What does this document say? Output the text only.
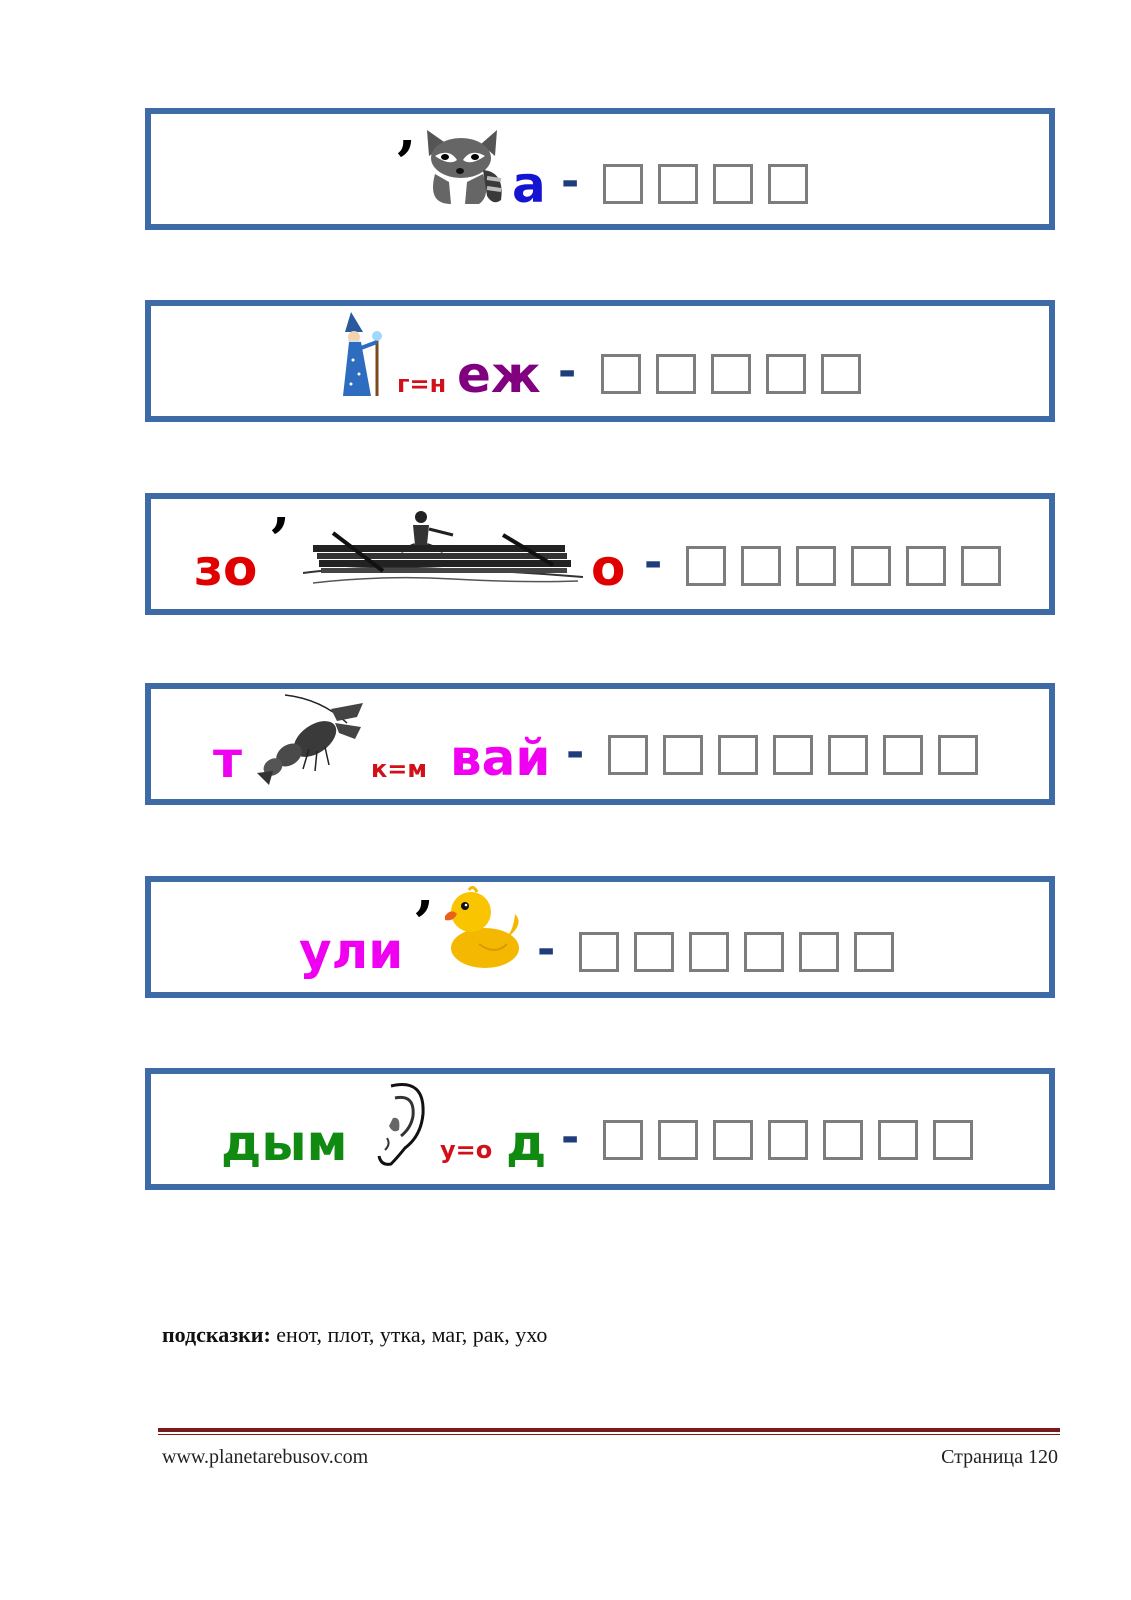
’ а -
г=н еж -
зо ’	о -
т	к=м вай -
ули ’ -
дым	у=о д -
подсказки: енот, плот, утка, маг, рак, ухо
www.planetarebusov.com	Страница 120
